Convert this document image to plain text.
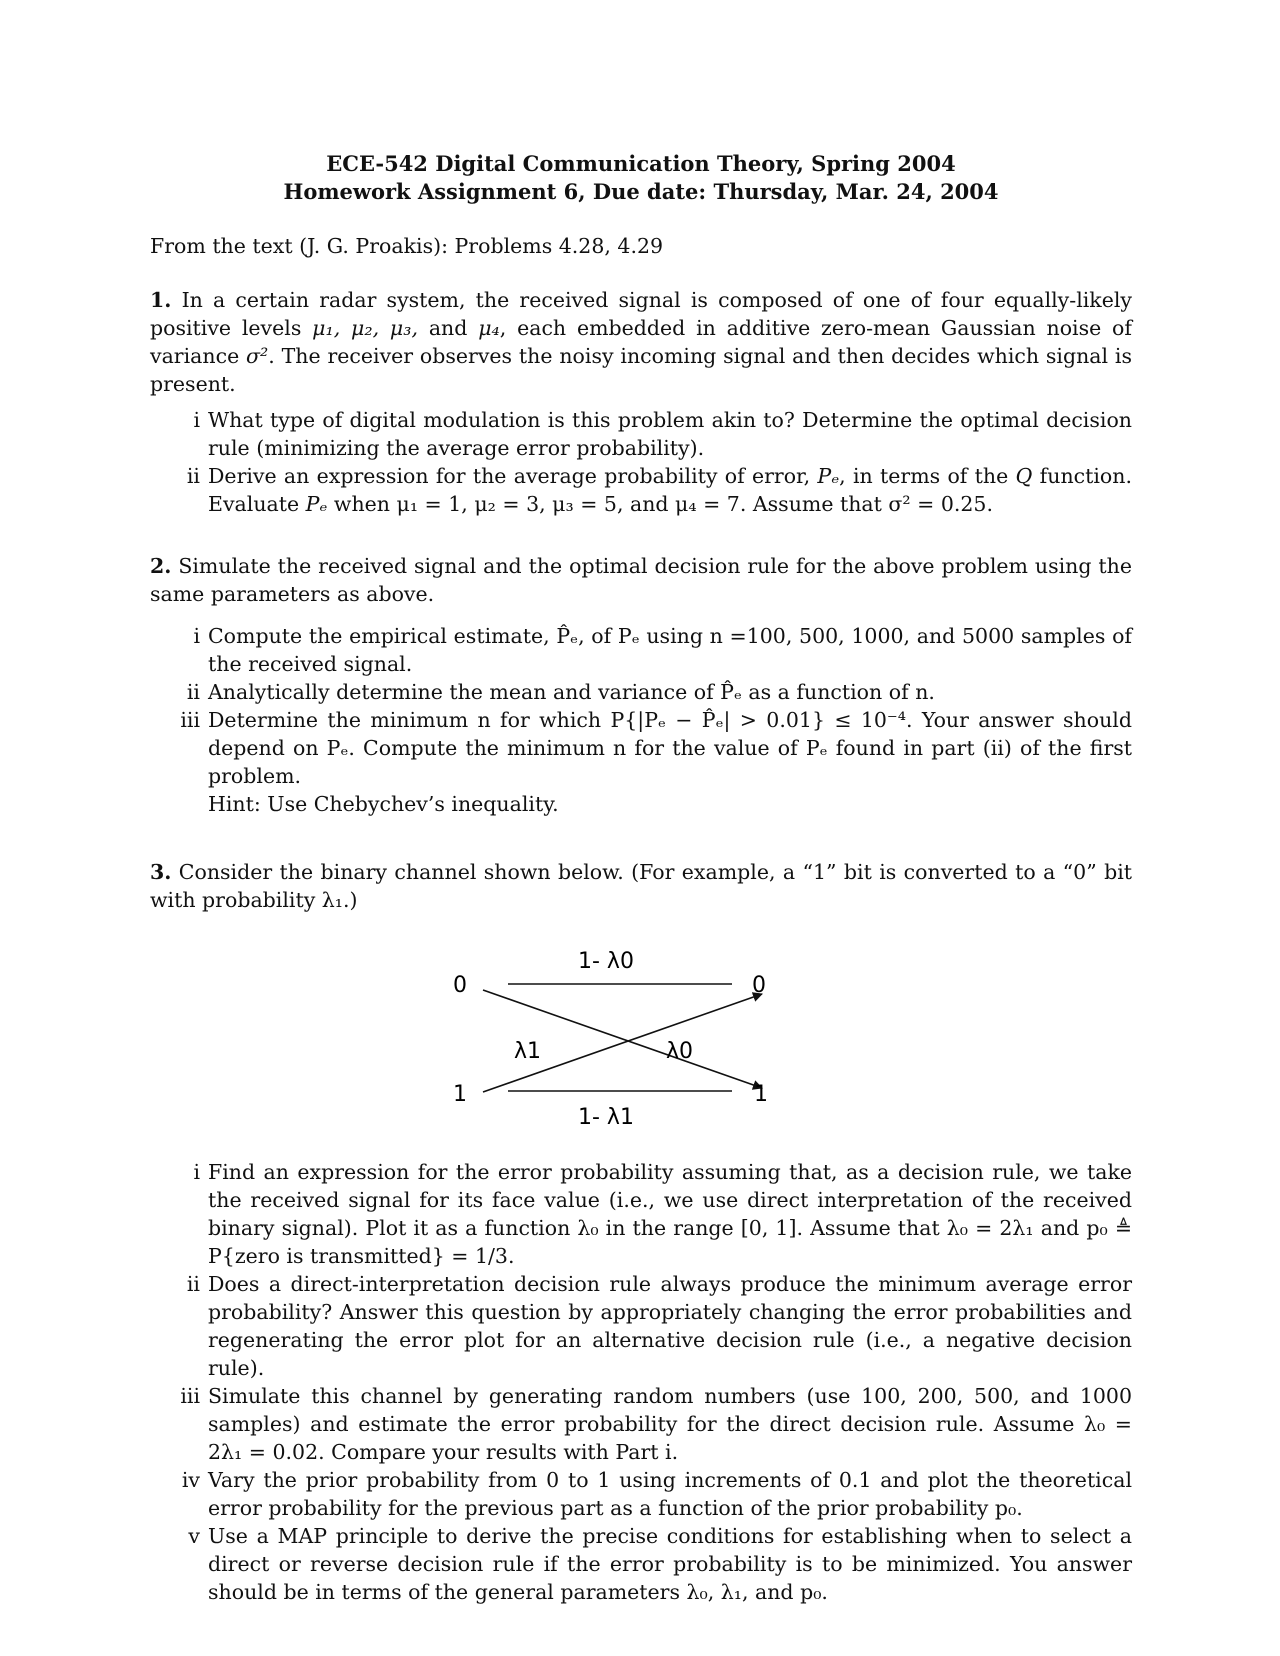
ECE-542 Digital Communication Theory, Spring 2004
Homework Assignment 6, Due date: Thursday, Mar. 24, 2004
From the text (J. G. Proakis): Problems 4.28, 4.29
1. In a certain radar system, the received signal is composed of one of four equally-likely positive levels μ₁, μ₂, μ₃, and μ₄, each embedded in additive zero-mean Gaussian noise of variance σ². The receiver observes the noisy incoming signal and then decides which signal is present.
i What type of digital modulation is this problem akin to? Determine the optimal decision rule (minimizing the average error probability).
ii Derive an expression for the average probability of error, Pₑ, in terms of the Q function. Evaluate Pₑ when μ₁ = 1, μ₂ = 3, μ₃ = 5, and μ₄ = 7. Assume that σ² = 0.25.
2. Simulate the received signal and the optimal decision rule for the above problem using the same parameters as above.
i Compute the empirical estimate, P̂ₑ, of Pₑ using n =100, 500, 1000, and 5000 samples of the received signal.
ii Analytically determine the mean and variance of P̂ₑ as a function of n.
iii Determine the minimum n for which P{|Pₑ − P̂ₑ| > 0.01} ≤ 10⁻⁴. Your answer should depend on Pₑ. Compute the minimum n for the value of Pₑ found in part (ii) of the first problem.
Hint: Use Chebychev’s inequality.
3. Consider the binary channel shown below. (For example, a “1” bit is converted to a “0” bit with probability λ₁.)
0
1
0
1
1- λ0
λ1	λ0
1- λ1
i Find an expression for the error probability assuming that, as a decision rule, we take the received signal for its face value (i.e., we use direct interpretation of the received binary signal). Plot it as a function λ₀ in the range [0, 1]. Assume that λ₀ = 2λ₁ and p₀ ≜ P{zero is transmitted} = 1/3.
ii Does a direct-interpretation decision rule always produce the minimum average error probability? Answer this question by appropriately changing the error probabilities and regenerating the error plot for an alternative decision rule (i.e., a negative decision rule).
iii Simulate this channel by generating random numbers (use 100, 200, 500, and 1000 samples) and estimate the error probability for the direct decision rule. Assume λ₀ = 2λ₁ = 0.02. Compare your results with Part i.
iv Vary the prior probability from 0 to 1 using increments of 0.1 and plot the theoretical error probability for the previous part as a function of the prior probability p₀.
v Use a MAP principle to derive the precise conditions for establishing when to select a direct or reverse decision rule if the error probability is to be minimized. You answer should be in terms of the general parameters λ₀, λ₁, and p₀.
